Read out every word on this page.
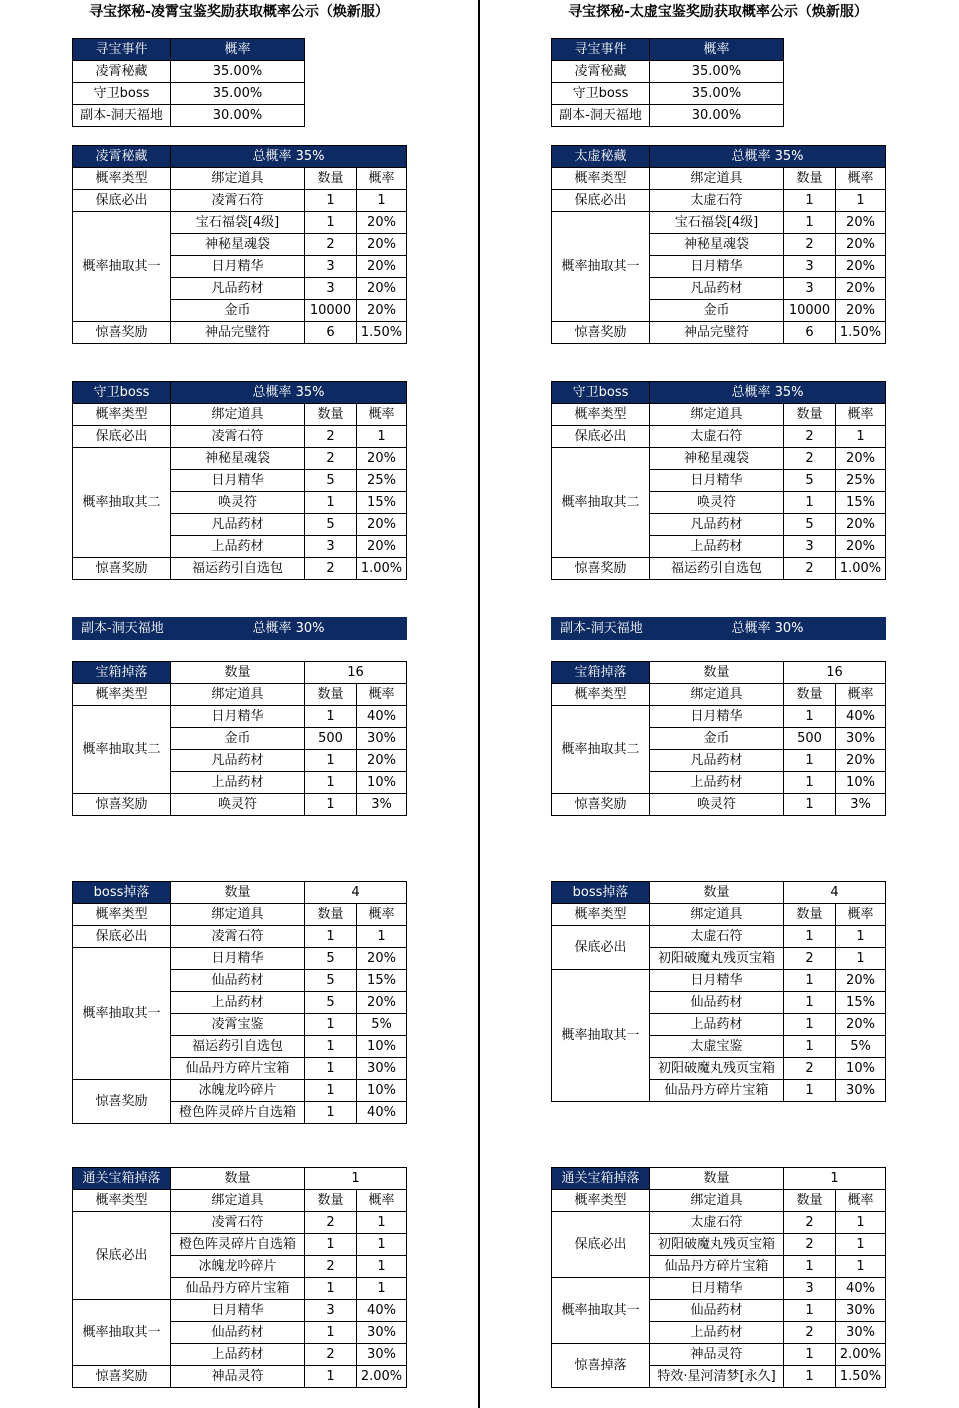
寻宝探秘-凌霄宝鉴奖励获取概率公示（焕新服）
寻宝事件	概率
凌霄秘藏	35.00%
守卫boss	35.00%
副本-洞天福地	30.00%
凌霄秘藏	总概率 35%		
概率类型	绑定道具	数量	概率
保底必出	凌霄石符	1	1
概率抽取其一	宝石福袋[4级]	1	20%
	神秘星魂袋	2	20%
	日月精华	3	20%
	凡品药材	3	20%
	金币	10000	20%
惊喜奖励	神品完璧符	6	1.50%
守卫boss	总概率 35%		
概率类型	绑定道具	数量	概率
保底必出	凌霄石符	2	1
概率抽取其二	神秘星魂袋	2	20%
	日月精华	5	25%
	唤灵符	1	15%
	凡品药材	5	20%
	上品药材	3	20%
惊喜奖励	福运药引自选包	2	1.00%
副本-洞天福地	总概率 30%
宝箱掉落	数量	16	
概率类型	绑定道具	数量	概率
概率抽取其二	日月精华	1	40%
	金币	500	30%
	凡品药材	1	20%
	上品药材	1	10%
惊喜奖励	唤灵符	1	3%
boss掉落	数量	4	
概率类型	绑定道具	数量	概率
保底必出	凌霄石符	1	1
概率抽取其一	日月精华	5	20%
	仙品药材	5	15%
	上品药材	5	20%
	凌霄宝鉴	1	5%
	福运药引自选包	1	10%
	仙品丹方碎片宝箱	1	30%
惊喜奖励	冰魄龙吟碎片	1	10%
	橙色阵灵碎片自选箱	1	40%
通关宝箱掉落	数量	1	
概率类型	绑定道具	数量	概率
保底必出	凌霄石符	2	1
	橙色阵灵碎片自选箱	1	1
	冰魄龙吟碎片	2	1
	仙品丹方碎片宝箱	1	1
概率抽取其一	日月精华	3	40%
	仙品药材	1	30%
	上品药材	2	30%
惊喜奖励	神品灵符	1	2.00%
寻宝探秘-太虚宝鉴奖励获取概率公示（焕新服）
寻宝事件	概率
凌霄秘藏	35.00%
守卫boss	35.00%
副本-洞天福地	30.00%
太虚秘藏	总概率 35%		
概率类型	绑定道具	数量	概率
保底必出	太虚石符	1	1
概率抽取其一	宝石福袋[4级]	1	20%
	神秘星魂袋	2	20%
	日月精华	3	20%
	凡品药材	3	20%
	金币	10000	20%
惊喜奖励	神品完璧符	6	1.50%
守卫boss	总概率 35%		
概率类型	绑定道具	数量	概率
保底必出	太虚石符	2	1
概率抽取其二	神秘星魂袋	2	20%
	日月精华	5	25%
	唤灵符	1	15%
	凡品药材	5	20%
	上品药材	3	20%
惊喜奖励	福运药引自选包	2	1.00%
副本-洞天福地	总概率 30%
宝箱掉落	数量	16	
概率类型	绑定道具	数量	概率
概率抽取其二	日月精华	1	40%
	金币	500	30%
	凡品药材	1	20%
	上品药材	1	10%
惊喜奖励	唤灵符	1	3%
boss掉落	数量	4	
概率类型	绑定道具	数量	概率
保底必出	太虚石符	1	1
	初阳破魔丸残页宝箱	2	1
概率抽取其一	日月精华	1	20%
	仙品药材	1	15%
	上品药材	1	20%
	太虚宝鉴	1	5%
	初阳破魔丸残页宝箱	2	10%
	仙品丹方碎片宝箱	1	30%
通关宝箱掉落	数量	1	
概率类型	绑定道具	数量	概率
保底必出	太虚石符	2	1
	初阳破魔丸残页宝箱	2	1
	仙品丹方碎片宝箱	1	1
概率抽取其一	日月精华	3	40%
	仙品药材	1	30%
	上品药材	2	30%
惊喜掉落	神品灵符	1	2.00%
	特效·星河清梦[永久]	1	1.50%
